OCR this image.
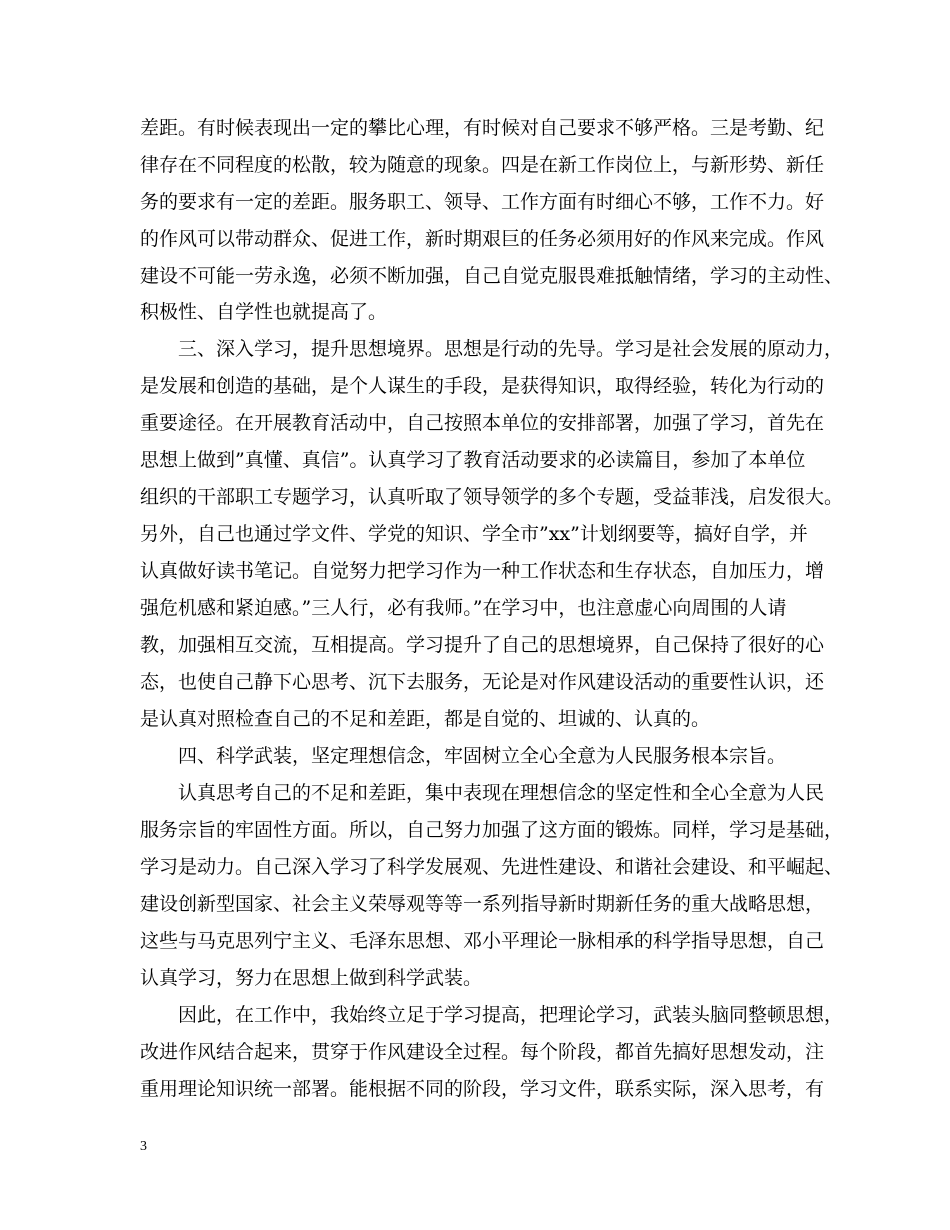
差距。有时候表现出一定的攀比心理，有时候对自己要求不够严格。三是考勤、纪
律存在不同程度的松散，较为随意的现象。四是在新工作岗位上，与新形势、新任
务的要求有一定的差距。服务职工、领导、工作方面有时细心不够，工作不力。好
的作风可以带动群众、促进工作，新时期艰巨的任务必须用好的作风来完成。作风
建设不可能一劳永逸，必须不断加强，自己自觉克服畏难抵触情绪，学习的主动性、
积极性、自学性也就提高了。
三、深入学习，提升思想境界。思想是行动的先导。学习是社会发展的原动力，
是发展和创造的基础，是个人谋生的手段，是获得知识，取得经验，转化为行动的
重要途径。在开展教育活动中，自己按照本单位的安排部署，加强了学习，首先在
思想上做到”真懂、真信”。认真学习了教育活动要求的必读篇目，参加了本单位
组织的干部职工专题学习，认真听取了领导领学的多个专题，受益菲浅，启发很大。
另外，自己也通过学文件、学党的知识、学全市”xx”计划纲要等，搞好自学，并
认真做好读书笔记。自觉努力把学习作为一种工作状态和生存状态，自加压力，增
强危机感和紧迫感。”三人行，必有我师。”在学习中，也注意虚心向周围的人请
教，加强相互交流，互相提高。学习提升了自己的思想境界，自己保持了很好的心
态，也使自己静下心思考、沉下去服务，无论是对作风建设活动的重要性认识，还
是认真对照检查自己的不足和差距，都是自觉的、坦诚的、认真的。
四、科学武装，坚定理想信念，牢固树立全心全意为人民服务根本宗旨。
认真思考自己的不足和差距，集中表现在理想信念的坚定性和全心全意为人民
服务宗旨的牢固性方面。所以，自己努力加强了这方面的锻炼。同样，学习是基础，
学习是动力。自己深入学习了科学发展观、先进性建设、和谐社会建设、和平崛起、
建设创新型国家、社会主义荣辱观等等一系列指导新时期新任务的重大战略思想，
这些与马克思列宁主义、毛泽东思想、邓小平理论一脉相承的科学指导思想，自己
认真学习，努力在思想上做到科学武装。
因此，在工作中，我始终立足于学习提高，把理论学习，武装头脑同整顿思想，
改进作风结合起来，贯穿于作风建设全过程。每个阶段，都首先搞好思想发动，注
重用理论知识统一部署。能根据不同的阶段，学习文件，联系实际，深入思考，有
3
